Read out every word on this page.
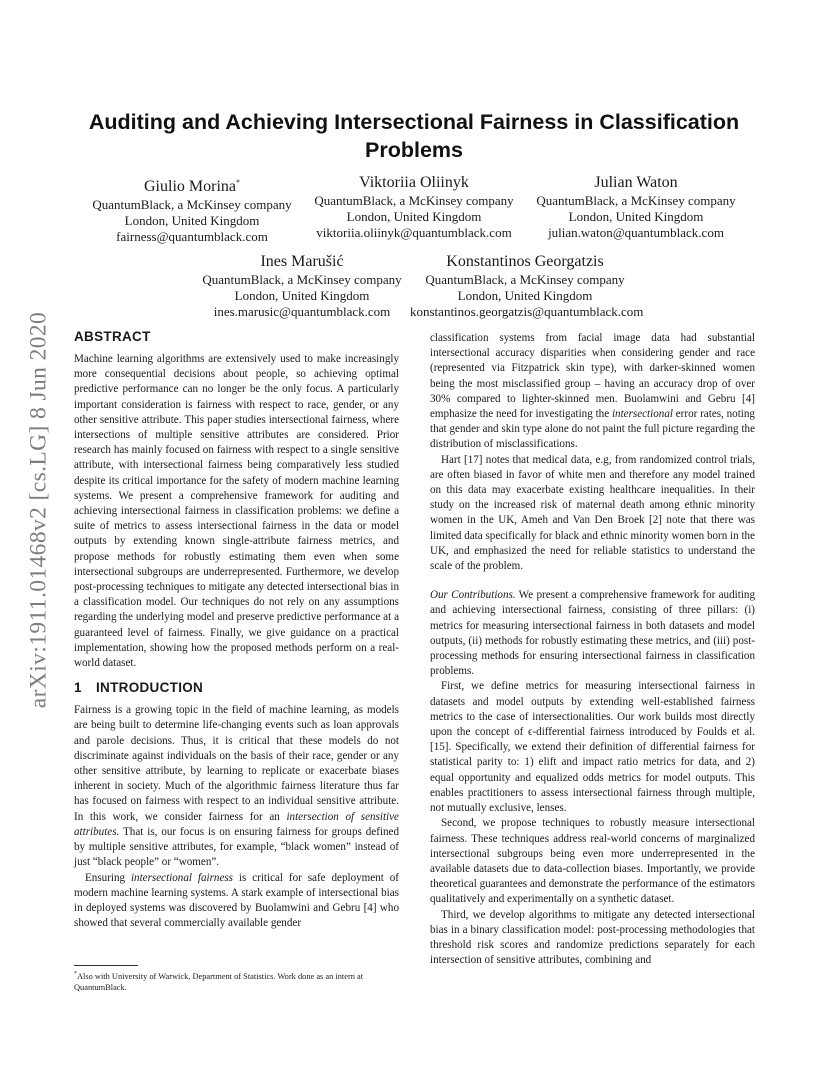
arXiv:1911.01468v2 [cs.LG] 8 Jun 2020
Auditing and Achieving Intersectional Fairness in Classification Problems
Giulio Morina*
QuantumBlack, a McKinsey company
London, United Kingdom
fairness@quantumblack.com
Viktoriia Oliinyk
QuantumBlack, a McKinsey company
London, United Kingdom
viktoriia.oliinyk@quantumblack.com
Julian Waton
QuantumBlack, a McKinsey company
London, United Kingdom
julian.waton@quantumblack.com
Ines Marušić
QuantumBlack, a McKinsey company
London, United Kingdom
ines.marusic@quantumblack.com
Konstantinos Georgatzis
QuantumBlack, a McKinsey company
London, United Kingdom
konstantinos.georgatzis@quantumblack.com
ABSTRACT

Machine learning algorithms are extensively used to make increasingly more consequential decisions about people, so achieving optimal predictive performance can no longer be the only focus. A particularly important consideration is fairness with respect to race, gender, or any other sensitive attribute. This paper studies intersectional fairness, where intersections of multiple sensitive attributes are considered. Prior research has mainly focused on fairness with respect to a single sensitive attribute, with intersectional fairness being comparatively less studied despite its critical importance for the safety of modern machine learning systems. We present a comprehensive framework for auditing and achieving intersectional fairness in classification problems: we define a suite of metrics to assess intersectional fairness in the data or model outputs by extending known single-attribute fairness metrics, and propose methods for robustly estimating them even when some intersectional subgroups are underrepresented. Furthermore, we develop post-processing techniques to mitigate any detected intersectional bias in a classification model. Our techniques do not rely on any assumptions regarding the underlying model and preserve predictive performance at a guaranteed level of fairness. Finally, we give guidance on a practical implementation, showing how the proposed methods perform on a real-world dataset.

1 INTRODUCTION

Fairness is a growing topic in the field of machine learning, as models are being built to determine life-changing events such as loan approvals and parole decisions. Thus, it is critical that these models do not discriminate against individuals on the basis of their race, gender or any other sensitive attribute, by learning to replicate or exacerbate biases inherent in society. Much of the algorithmic fairness literature thus far has focused on fairness with respect to an individual sensitive attribute. In this work, we consider fairness for an intersection of sensitive attributes. That is, our focus is on ensuring fairness for groups defined by multiple sensitive attributes, for example, “black women” instead of just “black people” or “women”.

Ensuring intersectional fairness is critical for safe deployment of modern machine learning systems. A stark example of intersectional bias in deployed systems was discovered by Buolamwini and Gebru [4] who showed that several commercially available gender

*Also with University of Warwick, Department of Statistics. Work done as an intern at QuantumBlack.

classification systems from facial image data had substantial intersectional accuracy disparities when considering gender and race (represented via Fitzpatrick skin type), with darker-skinned women being the most misclassified group – having an accuracy drop of over 30% compared to lighter-skinned men. Buolamwini and Gebru [4] emphasize the need for investigating the intersectional error rates, noting that gender and skin type alone do not paint the full picture regarding the distribution of misclassifications.

Hart [17] notes that medical data, e.g, from randomized control trials, are often biased in favor of white men and therefore any model trained on this data may exacerbate existing healthcare inequalities. In their study on the increased risk of maternal death among ethnic minority women in the UK, Ameh and Van Den Broek [2] note that there was limited data specifically for black and ethnic minority women born in the UK, and emphasized the need for reliable statistics to understand the scale of the problem.

Our Contributions. We present a comprehensive framework for auditing and achieving intersectional fairness, consisting of three pillars: (i) metrics for measuring intersectional fairness in both datasets and model outputs, (ii) methods for robustly estimating these metrics, and (iii) post-processing methods for ensuring intersectional fairness in classification problems.

First, we define metrics for measuring intersectional fairness in datasets and model outputs by extending well-established fairness metrics to the case of intersectionalities. Our work builds most directly upon the concept of ϵ-differential fairness introduced by Foulds et al. [15]. Specifically, we extend their definition of differential fairness for statistical parity to: 1) elift and impact ratio metrics for data, and 2) equal opportunity and equalized odds metrics for model outputs. This enables practitioners to assess intersectional fairness through multiple, not mutually exclusive, lenses.

Second, we propose techniques to robustly measure intersectional fairness. These techniques address real-world concerns of marginalized intersectional subgroups being even more underrepresented in the available datasets due to data-collection biases. Importantly, we provide theoretical guarantees and demonstrate the performance of the estimators qualitatively and experimentally on a synthetic dataset.

Third, we develop algorithms to mitigate any detected intersectional bias in a binary classification model: post-processing methodologies that threshold risk scores and randomize predictions separately for each intersection of sensitive attributes, combining and
